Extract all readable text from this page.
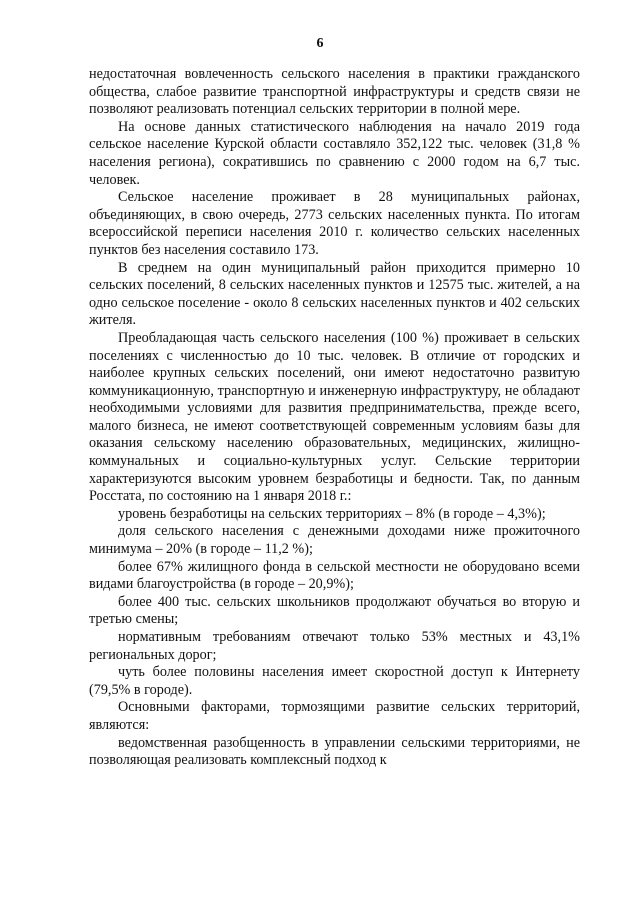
6

недостаточная вовлеченность сельского населения в практики гражданского общества, слабое развитие транспортной инфраструктуры и средств связи не позволяют реализовать потенциал сельских территории в полной мере.

На основе данных статистического наблюдения на начало 2019 года сельское население Курской области составляло 352,122 тыс. человек (31,8 % населения региона), сократившись по сравнению с 2000 годом на 6,7 тыс. человек.

Сельское население проживает в 28 муниципальных районах, объединяющих, в свою очередь, 2773 сельских населенных пункта. По итогам всероссийской переписи населения 2010 г. количество сельских населенных пунктов без населения составило 173.

В среднем на один муниципальный район приходится примерно 10 сельских поселений, 8 сельских населенных пунктов и 12575 тыс. жителей, а на одно сельское поселение - около 8 сельских населенных пунктов и 402 сельских жителя.

Преобладающая часть сельского населения (100 %) проживает в сельских поселениях с численностью до 10 тыс. человек. В отличие от городских и наиболее крупных сельских поселений, они имеют недостаточно развитую коммуникационную, транспортную и инженерную инфраструктуру, не обладают необходимыми условиями для развития предпринимательства, прежде всего, малого бизнеса, не имеют соответствующей современным условиям базы для оказания сельскому населению образовательных, медицинских, жилищно-коммунальных и социально-культурных услуг. Сельские территории характеризуются высоким уровнем безработицы и бедности. Так, по данным Росстата, по состоянию на 1 января 2018 г.:

уровень безработицы на сельских территориях – 8% (в городе – 4,3%);

доля сельского населения с денежными доходами ниже прожиточного минимума – 20% (в городе – 11,2 %);

более 67% жилищного фонда в сельской местности не оборудовано всеми видами благоустройства (в городе – 20,9%);

более 400 тыс. сельских школьников продолжают обучаться во вторую и третью смены;

нормативным требованиям отвечают только 53% местных и 43,1% региональных дорог;

чуть более половины населения имеет скоростной доступ к Интернету (79,5% в городе).

Основными факторами, тормозящими развитие сельских территорий, являются:

ведомственная разобщенность в управлении сельскими территориями, не позволяющая реализовать комплексный подход к
